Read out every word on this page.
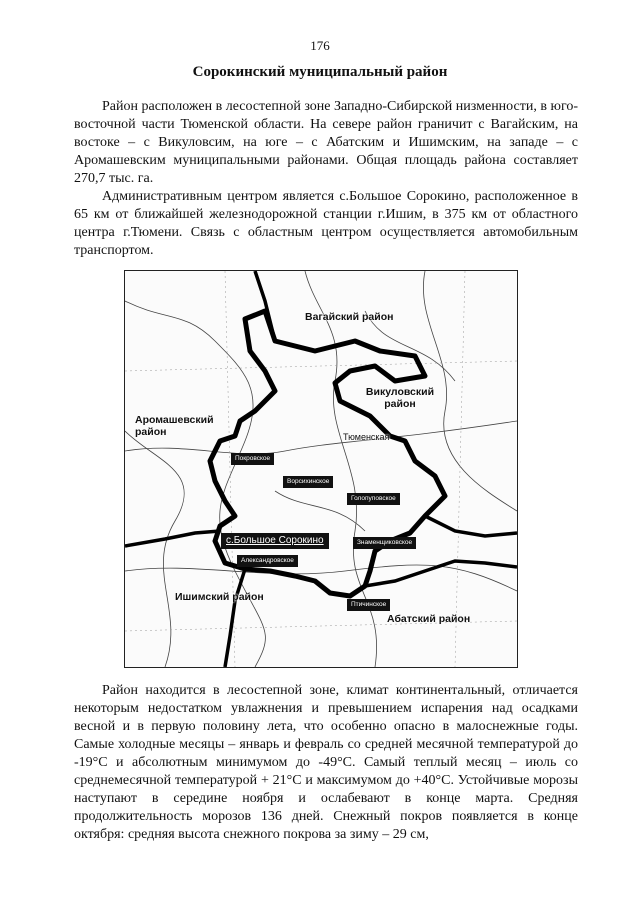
176
Сорокинский муниципальный район

Район расположен в лесостепной зоне Западно-Сибирской низменности, в юго-восточной части Тюменской области. На севере район граничит с Вагайским, на востоке – с Викуловсим, на юге – с Абатским и Ишимским, на западе – с Аромашевским муниципальными районами. Общая площадь района составляет 270,7 тыс. га.

Административным центром является с.Большое Сорокино, расположенное в 65 км от ближайшей железнодорожной станции г.Ишим, в 375 км от областного центра г.Тюмени. Связь с областным центром осуществляется автомобильным транспортом.

Вагайский район
Викуловский район
Аромашевский район
Ишимский район
Абатский район
Тюменская
Покровское
Ворсихинское
Голопуповское
с.Большое Сорокино	Знаменщиковское
Александровское
Птичинское

Район находится в лесостепной зоне, климат континентальный, отличается некоторым недостатком увлажнения и превышением испарения над осадками весной и в первую половину лета, что особенно опасно в малоснежные годы. Самые холодные месяцы – январь и февраль со средней месячной температурой до -19°C и абсолютным минимумом до -49°C. Самый теплый месяц – июль со среднемесячной температурой + 21°C и максимумом до +40°C. Устойчивые морозы наступают в середине ноября и ослабевают в конце марта. Средняя продолжительность морозов 136 дней. Снежный покров появляется в конце октября: средняя высота снежного покрова за зиму – 29 см,
